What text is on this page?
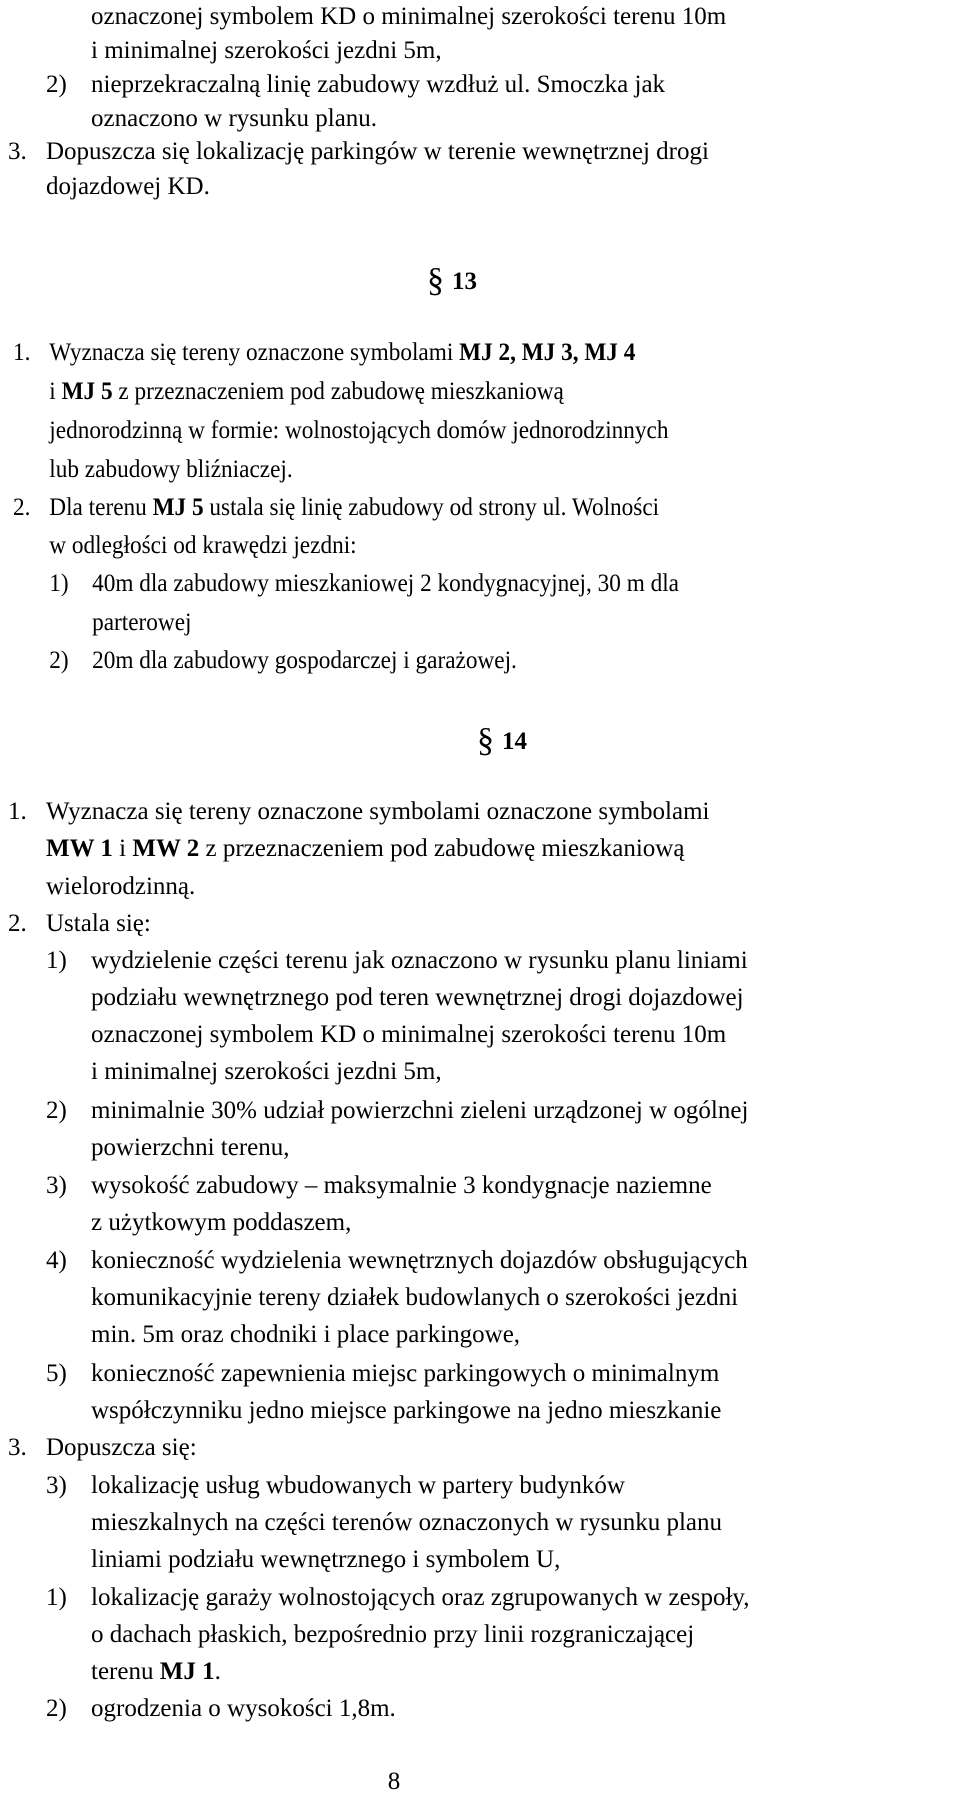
oznaczonej symbolem KD o minimalnej szerokości terenu 10m
i minimalnej szerokości jezdni 5m,
2) nieprzekraczalną linię zabudowy wzdłuż ul. Smoczka jak
oznaczono w rysunku planu.
3. Dopuszcza się lokalizację parkingów w terenie wewnętrznej drogi
dojazdowej KD.
§ 13
1. Wyznacza się tereny oznaczone symbolami MJ 2, MJ 3, MJ 4
i MJ 5 z przeznaczeniem pod zabudowę mieszkaniową
jednorodzinną w formie: wolnostojących domów jednorodzinnych
lub zabudowy bliźniaczej.
2. Dla terenu MJ 5 ustala się linię zabudowy od strony ul. Wolności
w odległości od krawędzi jezdni:
1) 40m dla zabudowy mieszkaniowej 2 kondygnacyjnej, 30 m dla
parterowej
2) 20m dla zabudowy gospodarczej i garażowej.
§ 14
1. Wyznacza się tereny oznaczone symbolami oznaczone symbolami
MW 1 i MW 2 z przeznaczeniem pod zabudowę mieszkaniową
wielorodzinną.
2. Ustala się:
1) wydzielenie części terenu jak oznaczono w rysunku planu liniami
podziału wewnętrznego pod teren wewnętrznej drogi dojazdowej
oznaczonej symbolem KD o minimalnej szerokości terenu 10m
i minimalnej szerokości jezdni 5m,
2) minimalnie 30% udział powierzchni zieleni urządzonej w ogólnej
powierzchni terenu,
3) wysokość zabudowy – maksymalnie 3 kondygnacje naziemne
z użytkowym poddaszem,
4) konieczność wydzielenia wewnętrznych dojazdów obsługujących
komunikacyjnie tereny działek budowlanych o szerokości jezdni
min. 5m oraz chodniki i place parkingowe,
5) konieczność zapewnienia miejsc parkingowych o minimalnym
współczynniku jedno miejsce parkingowe na jedno mieszkanie
3. Dopuszcza się:
3) lokalizację usług wbudowanych w partery budynków
mieszkalnych na części terenów oznaczonych w rysunku planu
liniami podziału wewnętrznego i symbolem U,
1) lokalizację garaży wolnostojących oraz zgrupowanych w zespoły,
o dachach płaskich, bezpośrednio przy linii rozgraniczającej
terenu MJ 1.
2) ogrodzenia o wysokości 1,8m.
8
